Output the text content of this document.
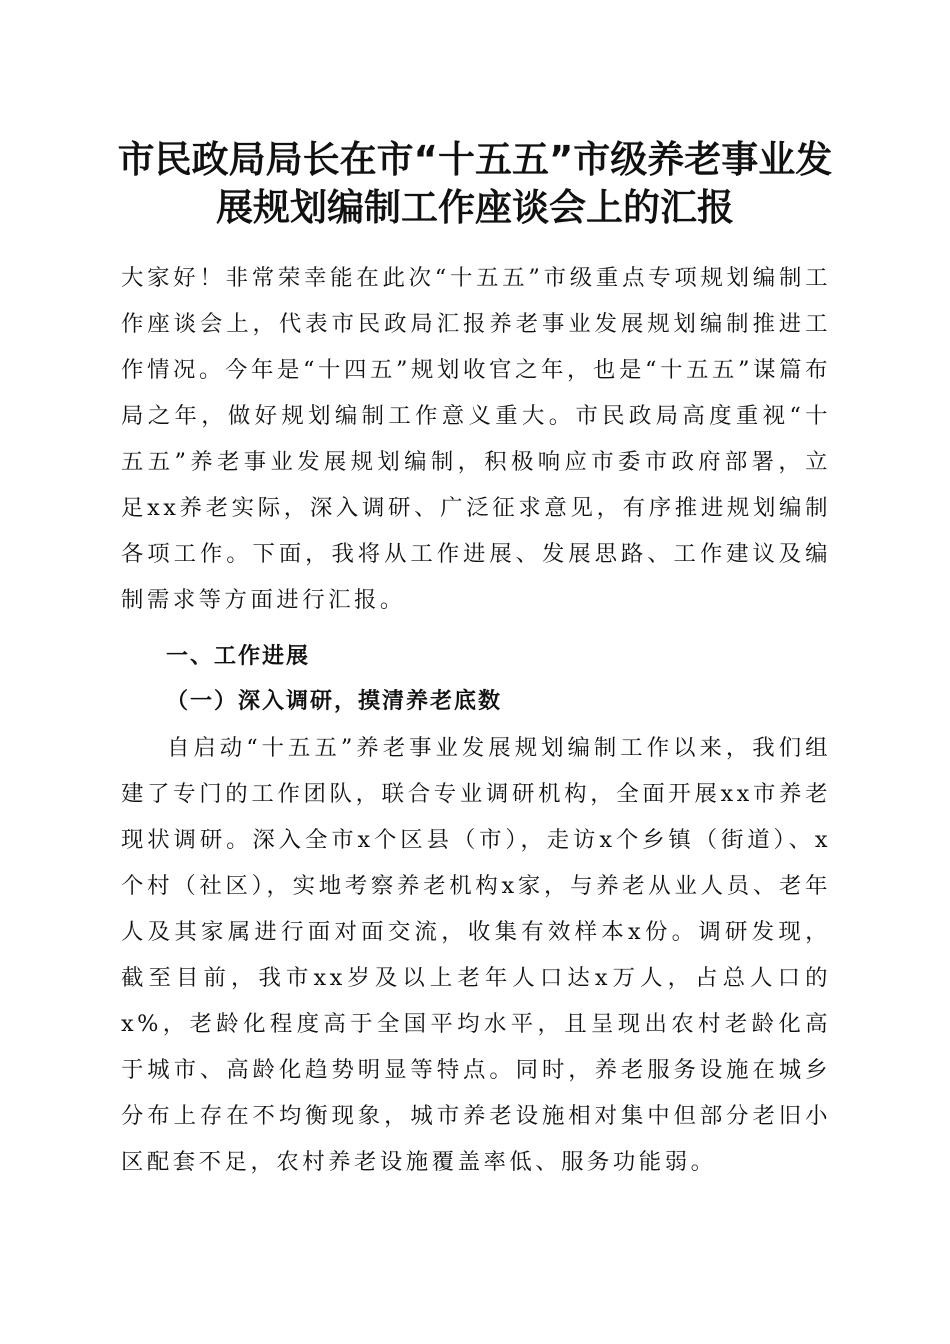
市民政局局长在市“十五五”市级养老事业发
展规划编制工作座谈会上的汇报

大家好！非常荣幸能在此次“十五五”市级重点专项规划编制工作座谈会上，代表市民政局汇报养老事业发展规划编制推进工作情况。今年是“十四五”规划收官之年，也是“十五五”谋篇布局之年，做好规划编制工作意义重大。市民政局高度重视“十五五”养老事业发展规划编制，积极响应市委市政府部署，立足xx养老实际，深入调研、广泛征求意见，有序推进规划编制各项工作。下面，我将从工作进展、发展思路、工作建议及编制需求等方面进行汇报。

一、工作进展
（一）深入调研，摸清养老底数

自启动“十五五”养老事业发展规划编制工作以来，我们组建了专门的工作团队，联合专业调研机构，全面开展xx市养老现状调研。深入全市x个区县（市），走访x个乡镇（街道）、x个村（社区），实地考察养老机构x家，与养老从业人员、老年人及其家属进行面对面交流，收集有效样本x份。调研发现，截至目前，我市xx岁及以上老年人口达x万人，占总人口的x%，老龄化程度高于全国平均水平，且呈现出农村老龄化高于城市、高龄化趋势明显等特点。同时，养老服务设施在城乡分布上存在不均衡现象，城市养老设施相对集中但部分老旧小区配套不足，农村养老设施覆盖率低、服务功能弱。
